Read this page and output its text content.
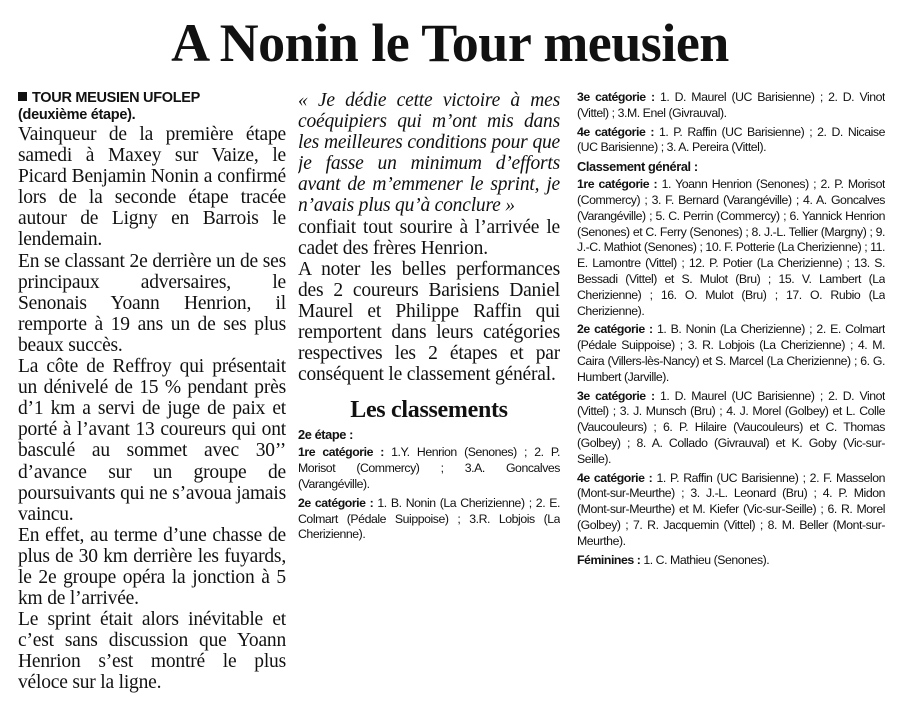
A Nonin le Tour meusien

TOUR MEUSIEN UFOLEP
(deuxième étape).

Vainqueur de la première étape samedi à Maxey sur Vaize, le Picard Benjamin Nonin a confirmé lors de la seconde étape tracée autour de Ligny en Barrois le lendemain.

En se classant 2e derrière un de ses principaux adversaires, le Senonais Yoann Henrion, il remporte à 19 ans un de ses plus beaux succès.

La côte de Reffroy qui présentait un dénivelé de 15 % pendant près d’1 km a servi de juge de paix et porté à l’avant 13 coureurs qui ont basculé au sommet avec 30’’ d’avance sur un groupe de poursuivants qui ne s’avoua jamais vaincu.

En effet, au terme d’une chasse de plus de 30 km derrière les fuyards, le 2e groupe opéra la jonction à 5 km de l’arrivée.

Le sprint était alors inévitable et c’est sans discussion que Yoann Henrion s’est montré le plus véloce sur la ligne.

« Je dédie cette victoire à mes coéquipiers qui m’ont mis dans les meilleures conditions pour que je fasse un minimum d’efforts avant de m’emmener le sprint, je n’avais plus qu’à conclure »

confiait tout sourire à l’arrivée le cadet des frères Henrion.

A noter les belles performances des 2 coureurs Barisiens Daniel Maurel et Philippe Raffin qui remportent dans leurs catégories respectives les 2 étapes et par conséquent le classement général.

Les classements

2e étape :

1re catégorie : 1.Y. Henrion (Senones) ; 2. P. Morisot (Commercy) ; 3.A. Goncalves (Varangéville).

2e catégorie : 1. B. Nonin (La Cherizienne) ; 2. E. Colmart (Pédale Suippoise) ; 3.R. Lobjois (La Cherizienne).

3e catégorie : 1. D. Maurel (UC Barisienne) ; 2. D. Vinot (Vittel) ; 3.M. Enel (Givrauval).

4e catégorie : 1. P. Raffin (UC Barisienne) ; 2. D. Nicaise (UC Barisienne) ; 3. A. Pereira (Vittel).

Classement général :

1re catégorie : 1. Yoann Henrion (Senones) ; 2. P. Morisot (Commercy) ; 3. F. Bernard (Varangéville) ; 4. A. Goncalves (Varangéville) ; 5. C. Perrin (Commercy) ; 6. Yannick Henrion (Senones) et C. Ferry (Senones) ; 8. J.-L. Tellier (Margny) ; 9. J.-C. Mathiot (Senones) ; 10. F. Potterie (La Cherizienne) ; 11. E. Lamontre (Vittel) ; 12. P. Potier (La Cherizienne) ; 13. S. Bessadi (Vittel) et S. Mulot (Bru) ; 15. V. Lambert (La Cherizienne) ; 16. O. Mulot (Bru) ; 17. O. Rubio (La Cherizienne).

2e catégorie : 1. B. Nonin (La Cherizienne) ; 2. E. Colmart (Pédale Suippoise) ; 3. R. Lobjois (La Cherizienne) ; 4. M. Caira (Villers-lès-Nancy) et S. Marcel (La Cherizienne) ; 6. G. Humbert (Jarville).

3e catégorie : 1. D. Maurel (UC Barisienne) ; 2. D. Vinot (Vittel) ; 3. J. Munsch (Bru) ; 4. J. Morel (Golbey) et L. Colle (Vaucouleurs) ; 6. P. Hilaire (Vaucouleurs) et C. Thomas (Golbey) ; 8. A. Collado (Givrauval) et K. Goby (Vic-sur-Seille).

4e catégorie : 1. P. Raffin (UC Barisienne) ; 2. F. Masselon (Mont-sur-Meurthe) ; 3. J.-L. Leonard (Bru) ; 4. P. Midon (Mont-sur-Meurthe) et M. Kiefer (Vic-sur-Seille) ; 6. R. Morel (Golbey) ; 7. R. Jacquemin (Vittel) ; 8. M. Beller (Mont-sur-Meurthe).

Féminines : 1. C. Mathieu (Senones).
